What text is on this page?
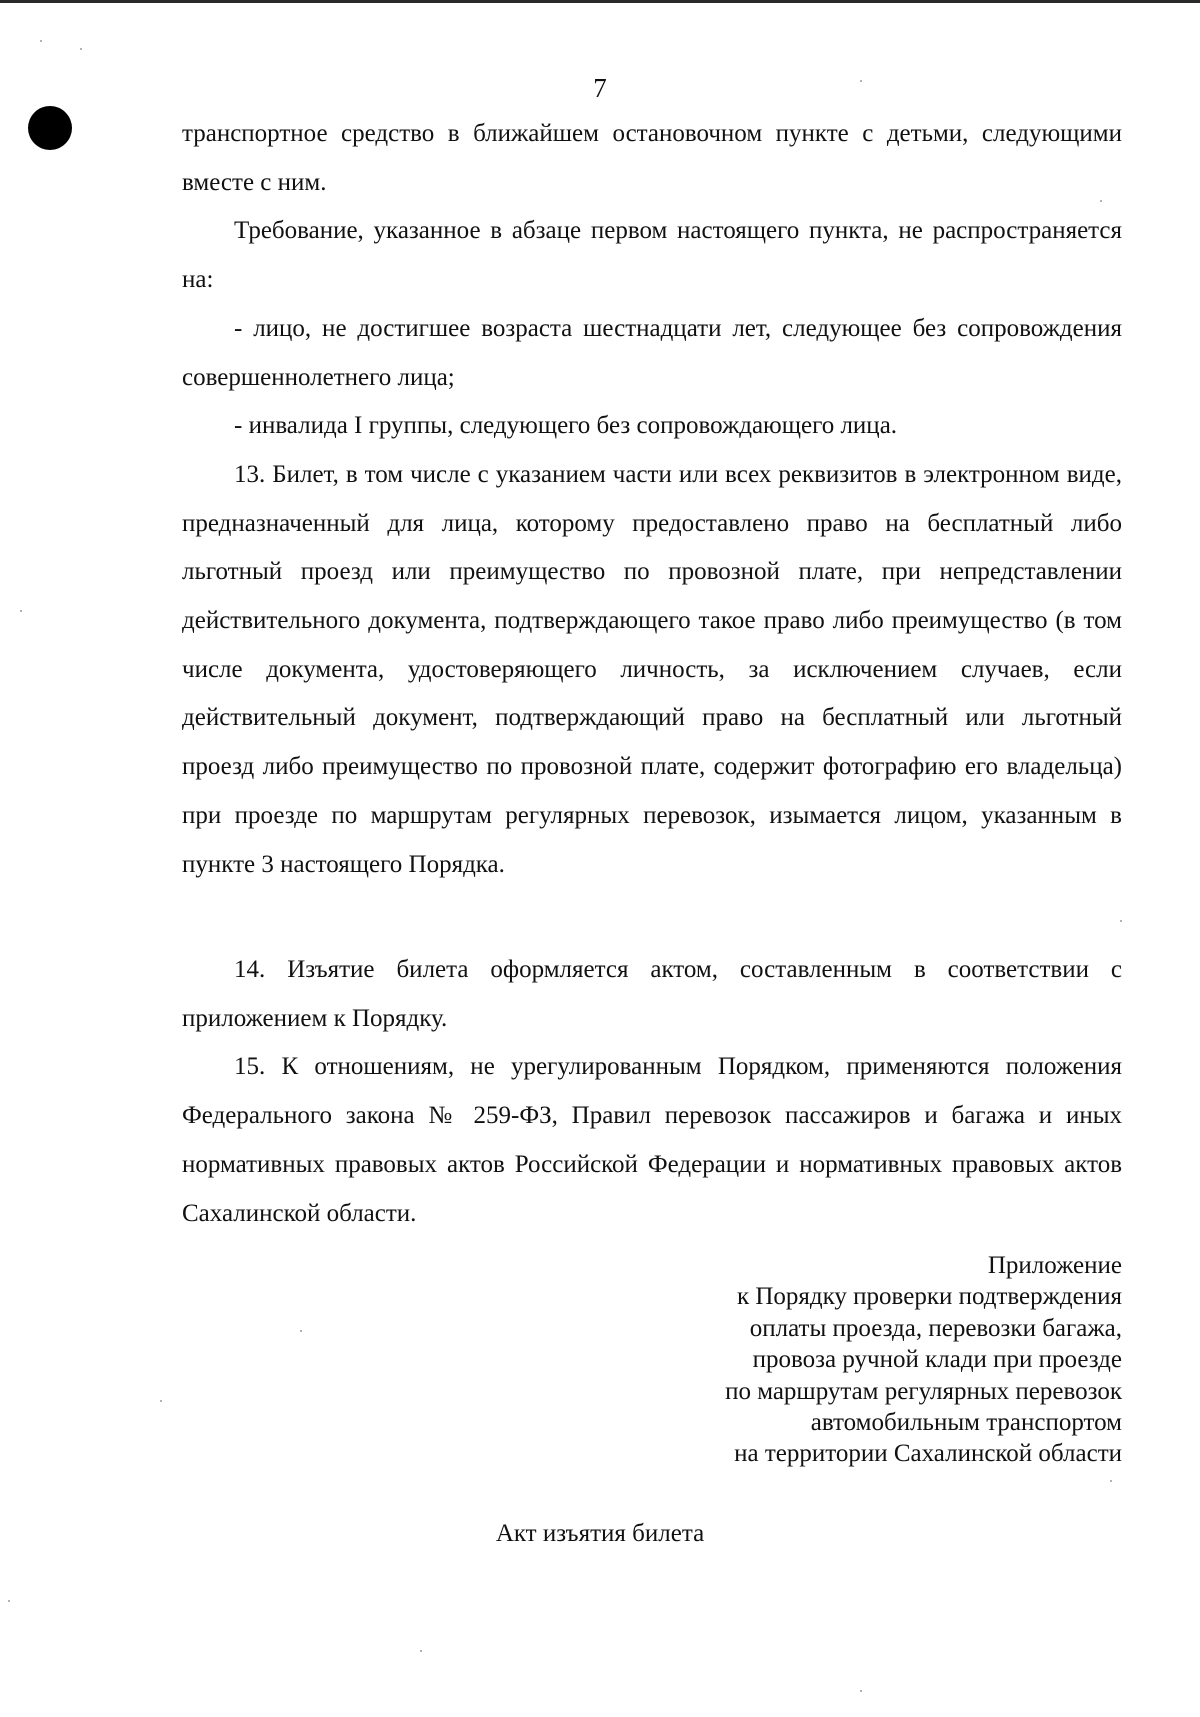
7

транспортное средство в ближайшем остановочном пункте с детьми, следующими вместе с ним.

Требование, указанное в абзаце первом настоящего пункта, не распространяется на:

- лицо, не достигшее возраста шестнадцати лет, следующее без сопровождения совершеннолетнего лица;

- инвалида I группы, следующего без сопровождающего лица.

13. Билет, в том числе с указанием части или всех реквизитов в электронном виде, предназначенный для лица, которому предоставлено право на бесплатный либо льготный проезд или преимущество по провозной плате, при непредставлении действительного документа, подтверждающего такое право либо преимущество (в том числе документа, удостоверяющего личность, за исключением случаев, если действительный документ, подтверждающий право на бесплатный или льготный проезд либо преимущество по провозной плате, содержит фотографию его владельца) при проезде по маршрутам регулярных перевозок, изымается лицом, указанным в пункте 3 настоящего Порядка.

14. Изъятие билета оформляется актом, составленным в соответствии с приложением к Порядку.

15. К отношениям, не урегулированным Порядком, применяются положения Федерального закона № 259-ФЗ, Правил перевозок пассажиров и багажа и иных нормативных правовых актов Российской Федерации и нормативных правовых актов Сахалинской области.

Приложение
к Порядку проверки подтверждения
оплаты проезда, перевозки багажа,
провоза ручной клади при проезде
по маршрутам регулярных перевозок
автомобильным транспортом
на территории Сахалинской области
Акт изъятия билета
